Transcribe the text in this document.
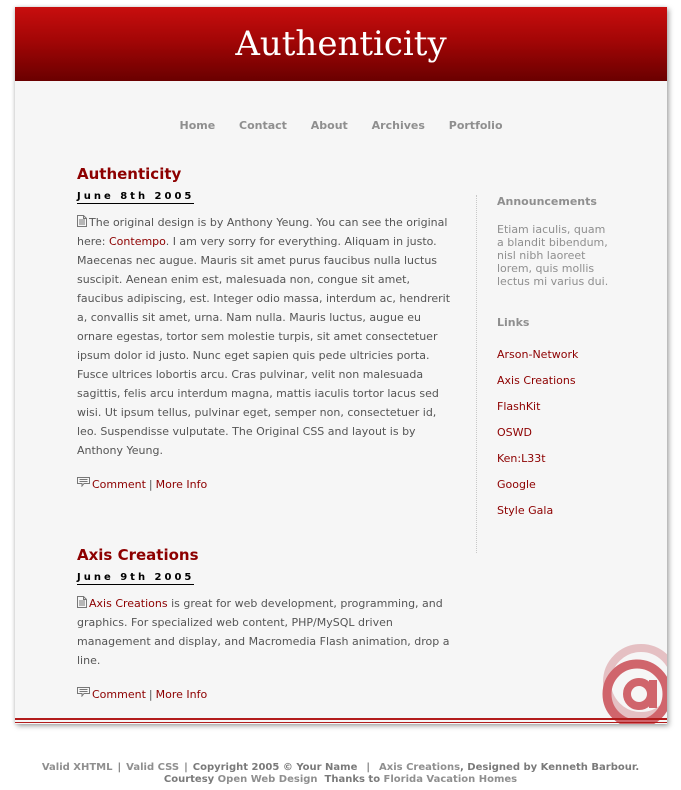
Authenticity
Home Contact About Archives Portfolio
Authenticity
June 8th 2005

The original design is by Anthony Yeung. You can see the original here: Contempo. I am very sorry for everything. Aliquam in justo. Maecenas nec augue. Mauris sit amet purus faucibus nulla luctus suscipit. Aenean enim est, malesuada non, congue sit amet, faucibus adipiscing, est. Integer odio massa, interdum ac, hendrerit a, convallis sit amet, urna. Nam nulla. Mauris luctus, augue eu ornare egestas, tortor sem molestie turpis, sit amet consectetuer ipsum dolor id justo. Nunc eget sapien quis pede ultricies porta. Fusce ultrices lobortis arcu. Cras pulvinar, velit non malesuada sagittis, felis arcu interdum magna, mattis iaculis tortor lacus sed wisi. Ut ipsum tellus, pulvinar eget, semper non, consectetuer id, leo. Suspendisse vulputate. The Original CSS and layout is by Anthony Yeung.

Comment | More Info
Axis Creations
June 9th 2005

Axis Creations is great for web development, programming, and graphics. For specialized web content, PHP/MySQL driven management and display, and Macromedia Flash animation, drop a line.

Comment | More Info
Announcements

Etiam iaculis, quam a blandit bibendum, nisl nibh laoreet lorem, quis mollis lectus mi varius dui.

Links
Arson-Network
Axis Creations
FlashKit
OSWD
Ken:L33t
Google
Style Gala
Valid XHTML | Valid CSS | Copyright 2005 © Your Name | Axis Creations, Designed by Kenneth Barbour.
Courtesy Open Web Design Thanks to Florida Vacation Homes
